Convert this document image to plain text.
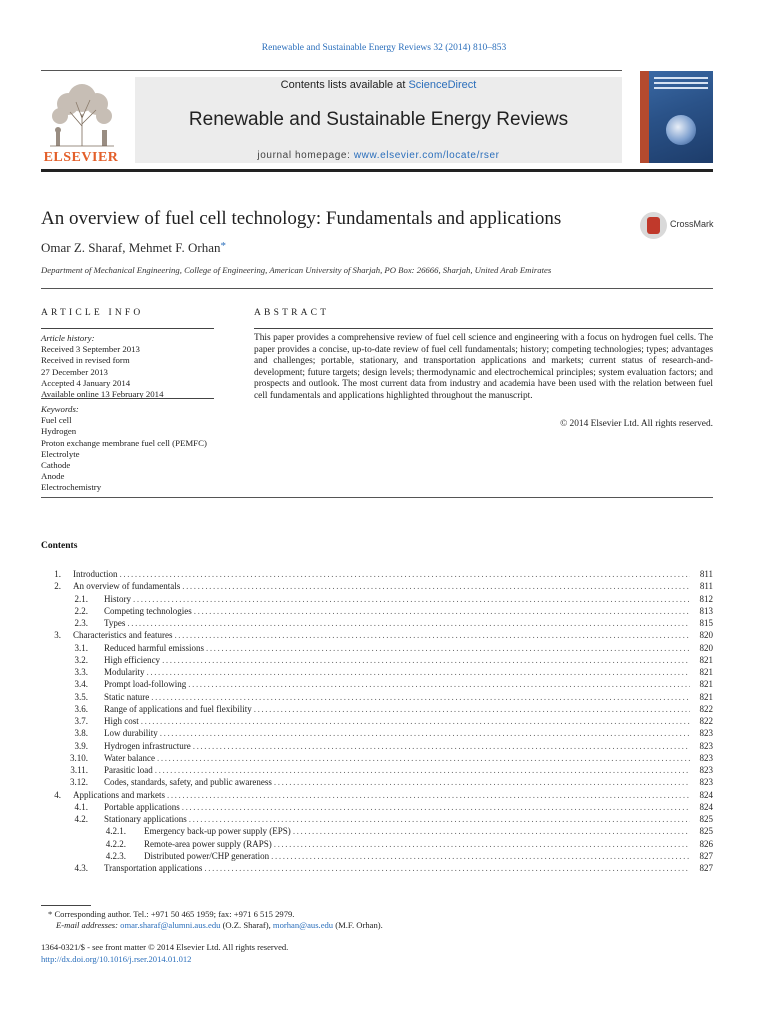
Renewable and Sustainable Energy Reviews 32 (2014) 810–853
ELSEVIER
Contents lists available at ScienceDirect
Renewable and Sustainable Energy Reviews
journal homepage: www.elsevier.com/locate/rser
An overview of fuel cell technology: Fundamentals and applications	CrossMark
Omar Z. Sharaf, Mehmet F. Orhan*
Department of Mechanical Engineering, College of Engineering, American University of Sharjah, PO Box: 26666, Sharjah, United Arab Emirates
ARTICLE INFO
Article history:
Received 3 September 2013
Received in revised form
27 December 2013
Accepted 4 January 2014
Available online 13 February 2014
Keywords:
Fuel cell
Hydrogen
Proton exchange membrane fuel cell (PEMFC)
Electrolyte
Cathode
Anode
Electrochemistry
ABSTRACT
This paper provides a comprehensive review of fuel cell science and engineering with a focus on hydrogen fuel cells. The paper provides a concise, up-to-date review of fuel cell fundamentals; history; competing technologies; types; advantages and challenges; portable, stationary, and transportation applications and markets; current status of research-and-development; future targets; design levels; thermodynamic and electrochemical principles; system evaluation factors; and prospects and outlook. The most current data from industry and academia have been used with the relation between fuel cell fundamentals and applications highlighted throughout the manuscript.
© 2014 Elsevier Ltd. All rights reserved.
Contents
1. Introduction .....	811
2. An overview of fundamentals .....	811
2.1. History .....	812
2.2. Competing technologies .....	813
2.3. Types .....	815
3. Characteristics and features .....	820
3.1. Reduced harmful emissions .....	820
3.2. High efficiency .....	821
3.3. Modularity .....	821
3.4. Prompt load-following .....	821
3.5. Static nature .....	821
3.6. Range of applications and fuel flexibility .....	822
3.7. High cost .....	822
3.8. Low durability .....	823
3.9. Hydrogen infrastructure .....	823
3.10. Water balance .....	823
3.11. Parasitic load .....	823
3.12. Codes, standards, safety, and public awareness .....	823
4. Applications and markets .....	824
4.1. Portable applications .....	824
4.2. Stationary applications .....	825
4.2.1. Emergency back-up power supply (EPS) .....	825
4.2.2. Remote-area power supply (RAPS) .....	826
4.2.3. Distributed power/CHP generation .....	827
4.3. Transportation applications .....	827
* Corresponding author. Tel.: +971 50 465 1959; fax: +971 6 515 2979.
E-mail addresses: omar.sharaf@alumni.aus.edu (O.Z. Sharaf), morhan@aus.edu (M.F. Orhan).
1364-0321/$ - see front matter © 2014 Elsevier Ltd. All rights reserved.
http://dx.doi.org/10.1016/j.rser.2014.01.012
